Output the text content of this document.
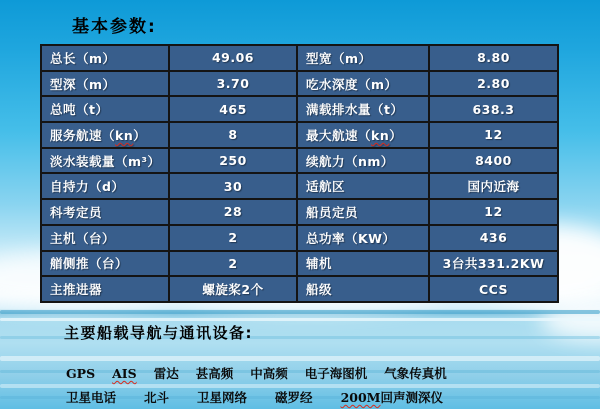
基本参数:
总长（m）	49.06	型宽（m）	8.80
型深（m）	3.70	吃水深度（m）	2.80
总吨（t）	465	满载排水量（t）	638.3
服务航速（kn）	8	最大航速（kn）	12
淡水装载量（m³）	250	续航力（nm）	8400
自持力（d）	30	适航区	国内近海
科考定员	28	船员定员	12
主机（台）	2	总功率（KW）	436
艏侧推（台）	2	辅机	3台共331.2KW
主推进器	螺旋桨2个	船级	CCS
主要船载导航与通讯设备:
GPS AIS 雷达 甚高频 中高频 电子海图机 气象传真机
卫星电话 北斗 卫星网络 磁罗经 200M回声测深仪
